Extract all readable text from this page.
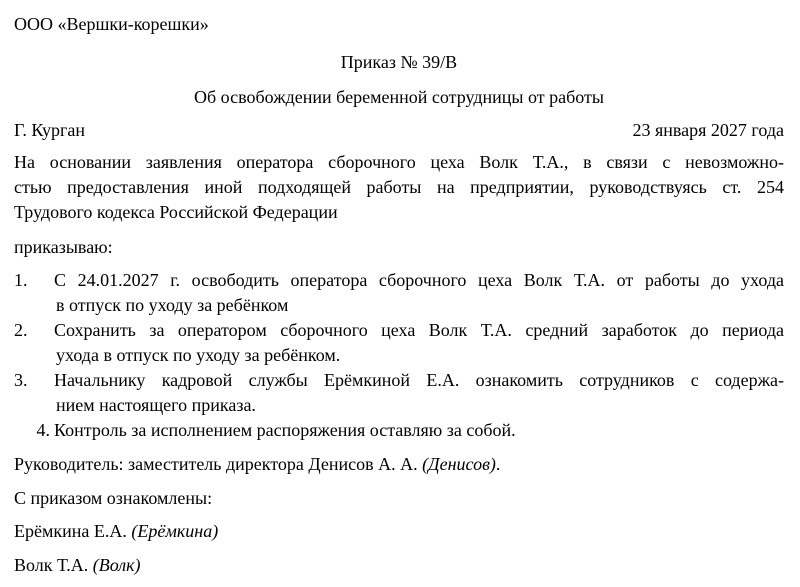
ООО «Вершки-корешки»
Приказ № 39/В
Об освобождении беременной сотрудницы от работы
Г. Курган	23 января 2027 года
На основании заявления оператора сборочного цеха Волк Т.А., в связи с невозможно-
стью предоставления иной подходящей работы на предприятии, руководствуясь ст. 254
Трудового кодекса Российской Федерации
приказываю:
1. С 24.01.2027 г. освободить оператора сборочного цеха Волк Т.А. от работы до ухода
в отпуск по уходу за ребёнком
2. Сохранить за оператором сборочного цеха Волк Т.А. средний заработок до периода
ухода в отпуск по уходу за ребёнком.
3. Начальнику кадровой службы Ерёмкиной Е.А. ознакомить сотрудников с содержа-
нием настоящего приказа.
4. Контроль за исполнением распоряжения оставляю за собой.
Руководитель: заместитель директора Денисов А. А. (Денисов).
С приказом ознакомлены:
Ерёмкина Е.А. (Ерёмкина)
Волк Т.А. (Волк)
